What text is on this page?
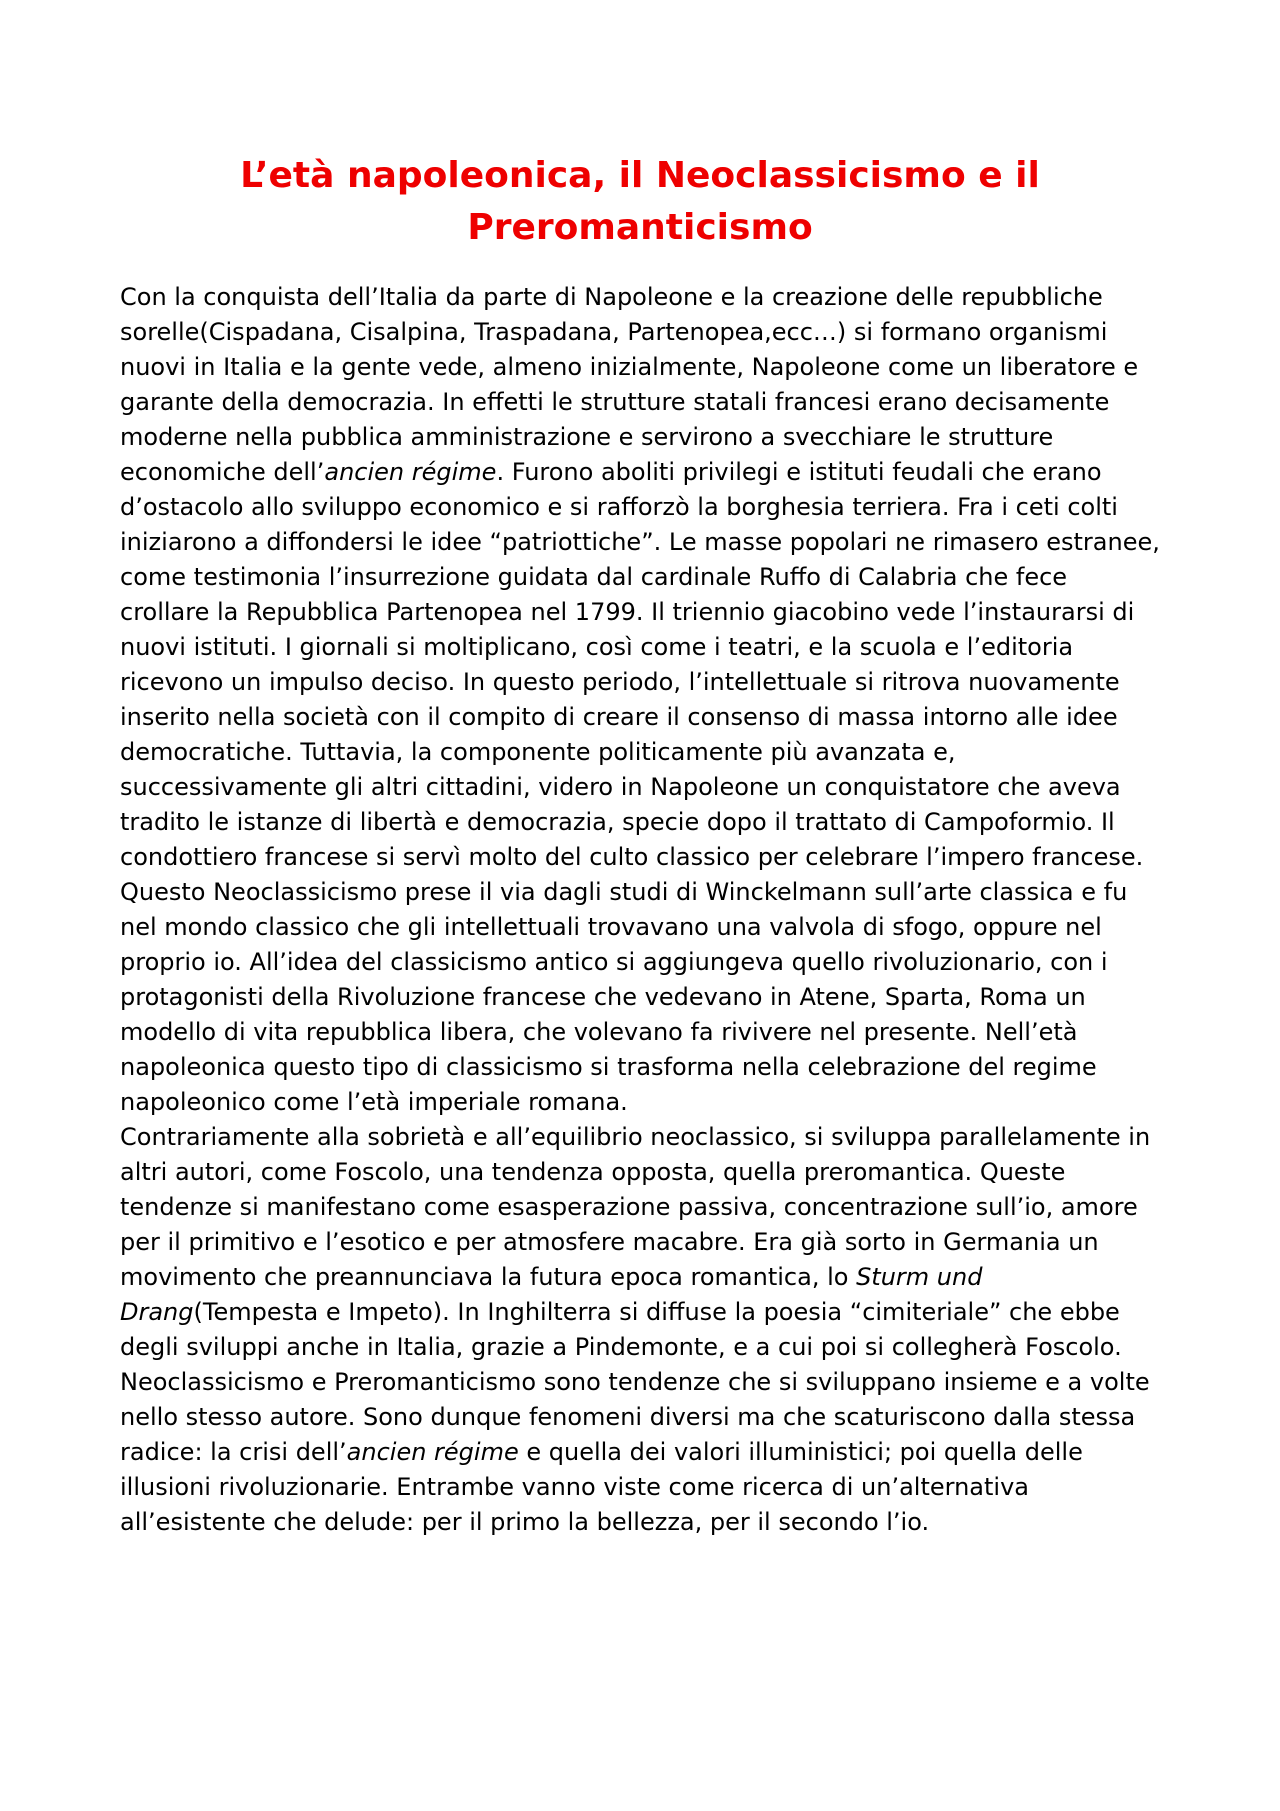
L’età napoleonica, il Neoclassicismo e il Preromanticismo

Con la conquista dell’Italia da parte di Napoleone e la creazione delle repubbliche sorelle(Cispadana, Cisalpina, Traspadana, Partenopea,ecc…) si formano organismi nuovi in Italia e la gente vede, almeno inizialmente, Napoleone come un liberatore e garante della democrazia. In effetti le strutture statali francesi erano decisamente moderne nella pubblica amministrazione e servirono a svecchiare le strutture economiche dell’ancien régime. Furono aboliti privilegi e istituti feudali che erano d’ostacolo allo sviluppo economico e si rafforzò la borghesia terriera. Fra i ceti colti iniziarono a diffondersi le idee “patriottiche”. Le masse popolari ne rimasero estranee, come testimonia l’insurrezione guidata dal cardinale Ruffo di Calabria che fece crollare la Repubblica Partenopea nel 1799. Il triennio giacobino vede l’instaurarsi di nuovi istituti. I giornali si moltiplicano, così come i teatri, e la scuola e l’editoria ricevono un impulso deciso. In questo periodo, l’intellettuale si ritrova nuovamente inserito nella società con il compito di creare il consenso di massa intorno alle idee democratiche. Tuttavia, la componente politicamente più avanzata e, successivamente gli altri cittadini, videro in Napoleone un conquistatore che aveva tradito le istanze di libertà e democrazia, specie dopo il trattato di Campoformio. Il condottiero francese si servì molto del culto classico per celebrare l’impero francese. Questo Neoclassicismo prese il via dagli studi di Winckelmann sull’arte classica e fu nel mondo classico che gli intellettuali trovavano una valvola di sfogo, oppure nel proprio io. All’idea del classicismo antico si aggiungeva quello rivoluzionario, con i protagonisti della Rivoluzione francese che vedevano in Atene, Sparta, Roma un modello di vita repubblica libera, che volevano fa rivivere nel presente. Nell’età napoleonica questo tipo di classicismo si trasforma nella celebrazione del regime napoleonico come l’età imperiale romana.

Contrariamente alla sobrietà e all’equilibrio neoclassico, si sviluppa parallelamente in altri autori, come Foscolo, una tendenza opposta, quella preromantica. Queste tendenze si manifestano come esasperazione passiva, concentrazione sull’io, amore per il primitivo e l’esotico e per atmosfere macabre. Era già sorto in Germania un movimento che preannunciava la futura epoca romantica, lo Sturm und Drang(Tempesta e Impeto). In Inghilterra si diffuse la poesia “cimiteriale” che ebbe degli sviluppi anche in Italia, grazie a Pindemonte, e a cui poi si collegherà Foscolo.

Neoclassicismo e Preromanticismo sono tendenze che si sviluppano insieme e a volte nello stesso autore. Sono dunque fenomeni diversi ma che scaturiscono dalla stessa radice: la crisi dell’ancien régime e quella dei valori illuministici; poi quella delle illusioni rivoluzionarie. Entrambe vanno viste come ricerca di un’alternativa all’esistente che delude: per il primo la bellezza, per il secondo l’io.
